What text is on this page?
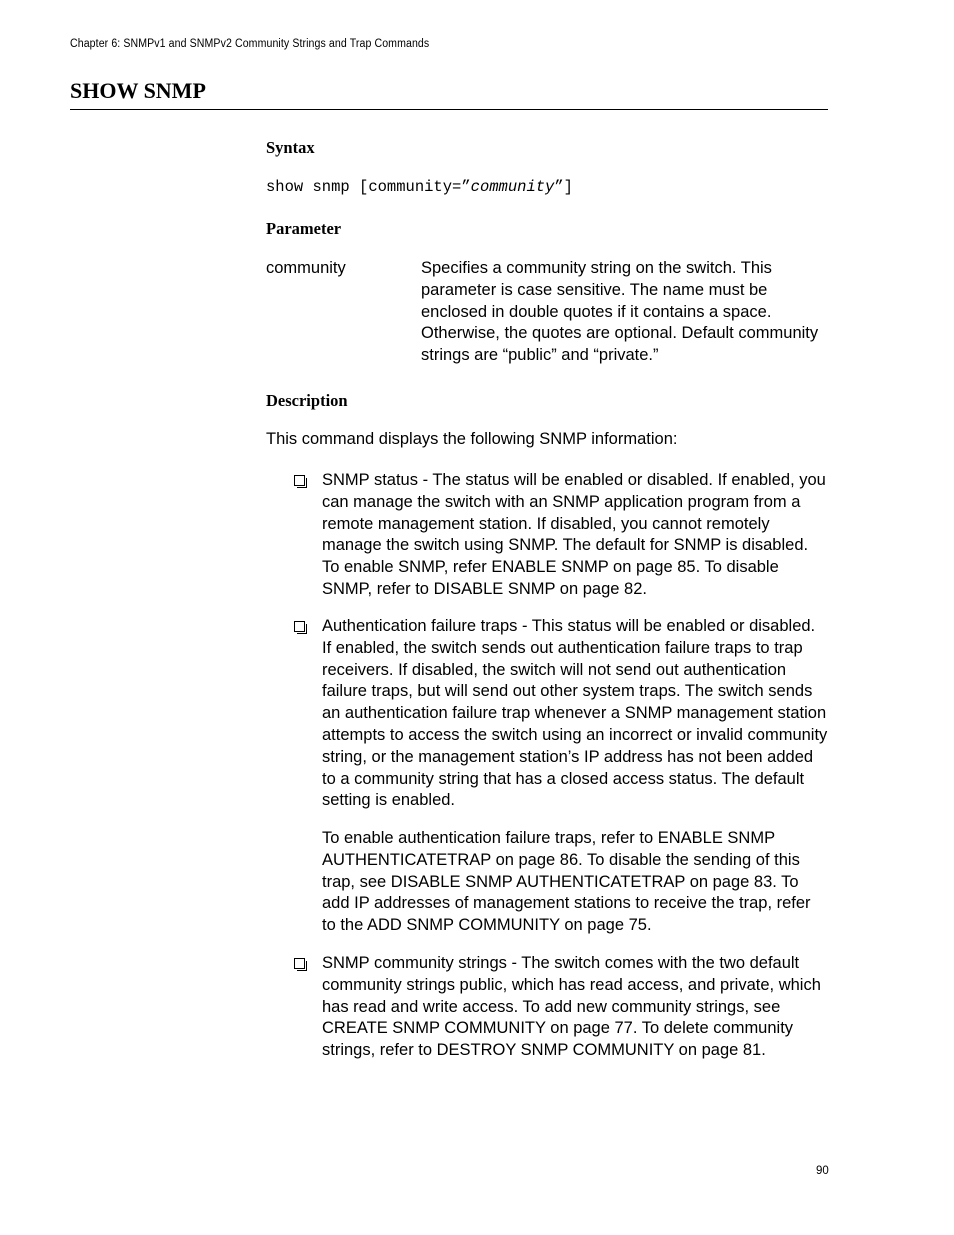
Chapter 6: SNMPv1 and SNMPv2 Community Strings and Trap Commands
SHOW SNMP
Syntax
show snmp [community=”community”]
Parameter
community	Specifies a community string on the switch. This parameter is case sensitive. The name must be enclosed in double quotes if it contains a space. Otherwise, the quotes are optional. Default community strings are “public” and “private.”
Description
This command displays the following SNMP information:
SNMP status - The status will be enabled or disabled. If enabled, you can manage the switch with an SNMP application program from a remote management station. If disabled, you cannot remotely manage the switch using SNMP. The default for SNMP is disabled. To enable SNMP, refer ENABLE SNMP on page 85. To disable SNMP, refer to DISABLE SNMP on page 82.
Authentication failure traps - This status will be enabled or disabled. If enabled, the switch sends out authentication failure traps to trap receivers. If disabled, the switch will not send out authentication failure traps, but will send out other system traps. The switch sends an authentication failure trap whenever a SNMP management station attempts to access the switch using an incorrect or invalid community string, or the management station’s IP address has not been added to a community string that has a closed access status. The default setting is enabled.
To enable authentication failure traps, refer to ENABLE SNMP AUTHENTICATETRAP on page 86. To disable the sending of this trap, see DISABLE SNMP AUTHENTICATETRAP on page 83. To add IP addresses of management stations to receive the trap, refer to the ADD SNMP COMMUNITY on page 75.
SNMP community strings - The switch comes with the two default community strings public, which has read access, and private, which has read and write access. To add new community strings, see CREATE SNMP COMMUNITY on page 77. To delete community strings, refer to DESTROY SNMP COMMUNITY on page 81.
90
